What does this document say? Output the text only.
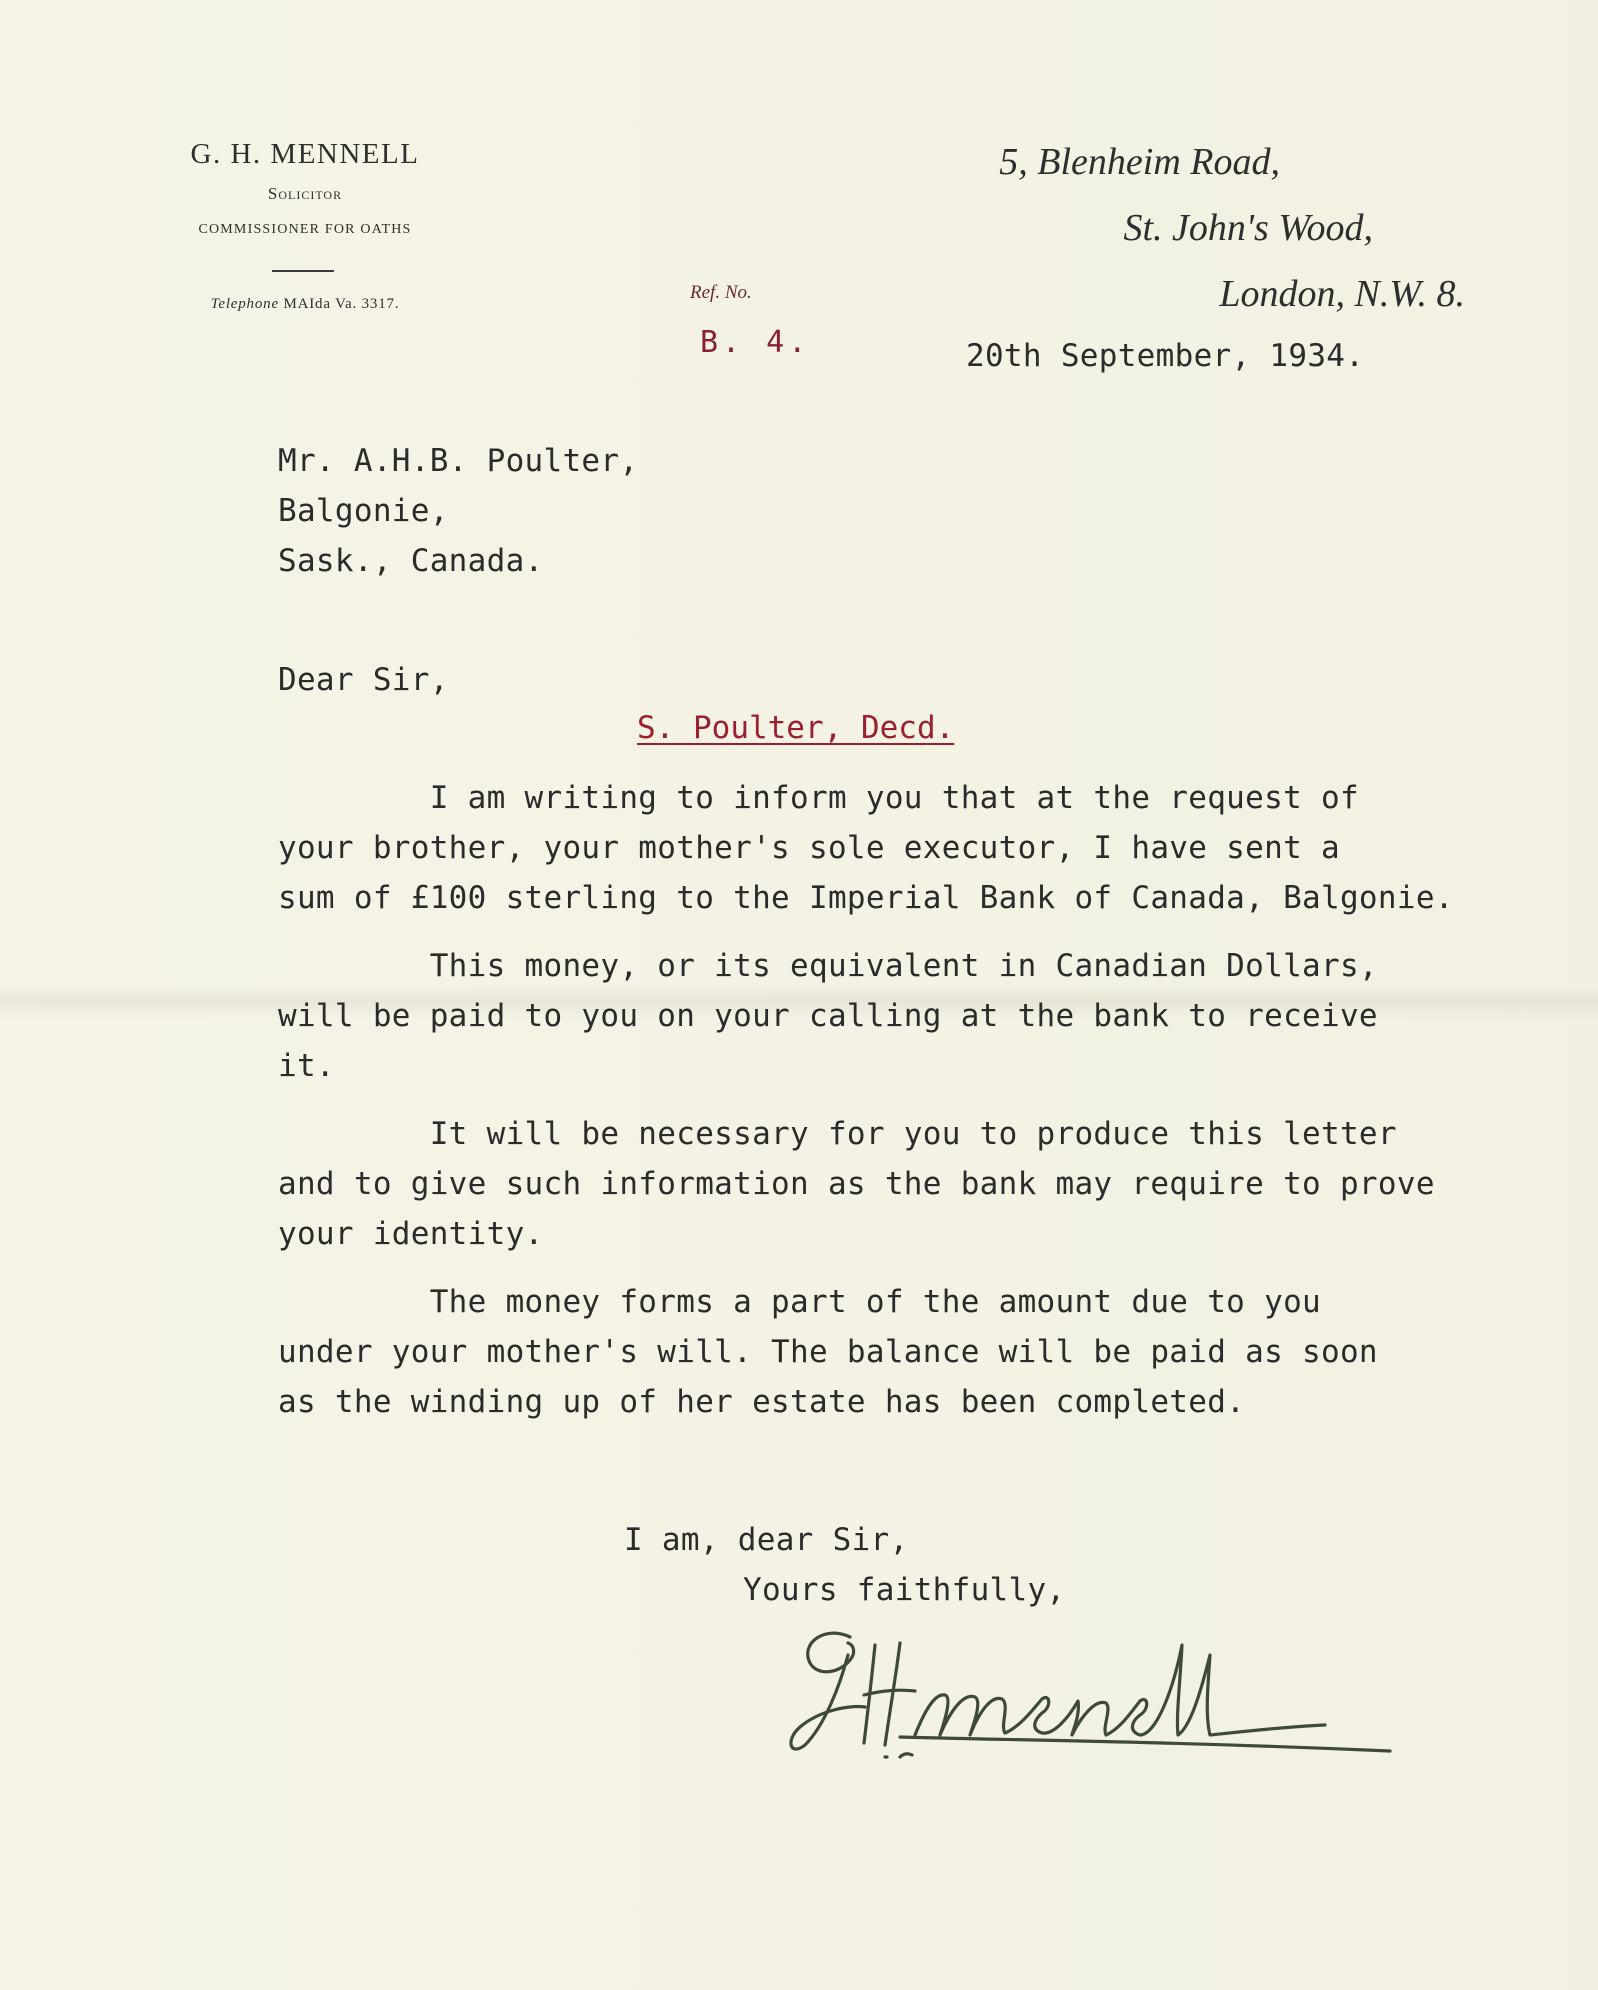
G. H. MENNELL
Solicitor
COMMISSIONER FOR OATHS
Telephone MAIda Va. 3317.
5, Blenheim Road,
St. John's Wood,
London, N.W. 8.
Ref. No.
B. 4.	20th September, 1934.
Mr. A.H.B. Poulter,
Balgonie,
Sask., Canada.
Dear Sir,
S. Poulter, Decd.
I am writing to inform you that at the request of
your brother, your mother's sole executor, I have sent a
sum of £100 sterling to the Imperial Bank of Canada, Balgonie.
This money, or its equivalent in Canadian Dollars,
will be paid to you on your calling at the bank to receive
it.
It will be necessary for you to produce this letter
and to give such information as the bank may require to prove
your identity.
The money forms a part of the amount due to you
under your mother's will. The balance will be paid as soon
as the winding up of her estate has been completed.
I am, dear Sir,
Yours faithfully,
